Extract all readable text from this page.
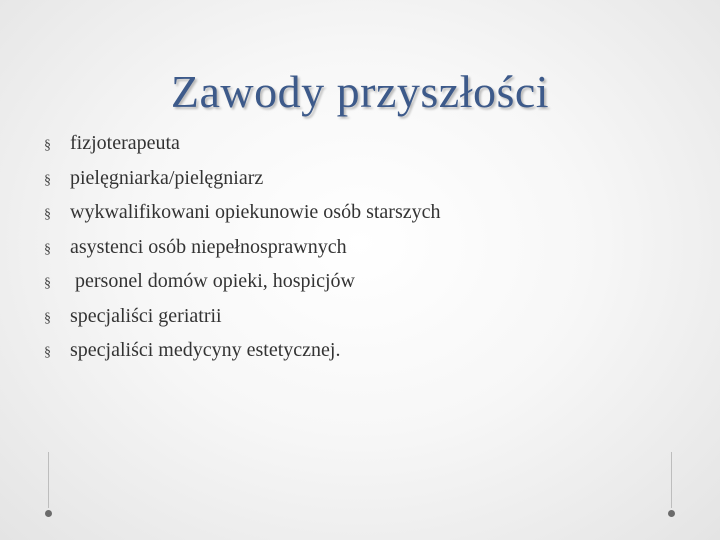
Zawody przyszłości
§ fizjoterapeuta
§ pielęgniarka/pielęgniarz
§ wykwalifikowani opiekunowie osób starszych
§ asystenci osób niepełnosprawnych
§ personel domów opieki, hospicjów
§ specjaliści geriatrii
§ specjaliści medycyny estetycznej.
